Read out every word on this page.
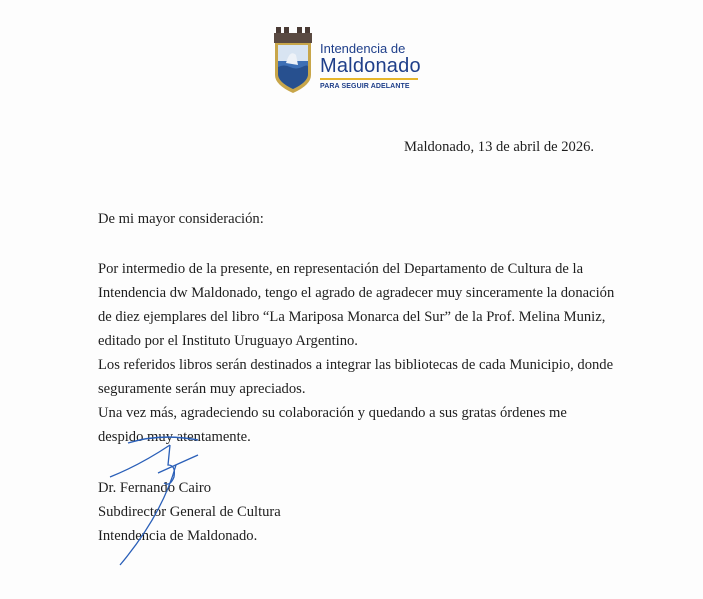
Intendencia de
Maldonado
PARA SEGUIR ADELANTE
Maldonado, 13 de abril de 2026.
De mi mayor consideración:
Por intermedio de la presente, en representación del Departamento de Cultura de la
Intendencia dw Maldonado, tengo el agrado de agradecer muy sinceramente la donación
de diez ejemplares del libro “La Mariposa Monarca del Sur” de la Prof. Melina Muniz,
editado por el Instituto Uruguayo Argentino.
Los referidos libros serán destinados a integrar las bibliotecas de cada Municipio, donde
seguramente serán muy apreciados.
Una vez más, agradeciendo su colaboración y quedando a sus gratas órdenes me
despido muy atentamente.
Dr. Fernando Cairo
Subdirector General de Cultura
Intendencia de Maldonado.
